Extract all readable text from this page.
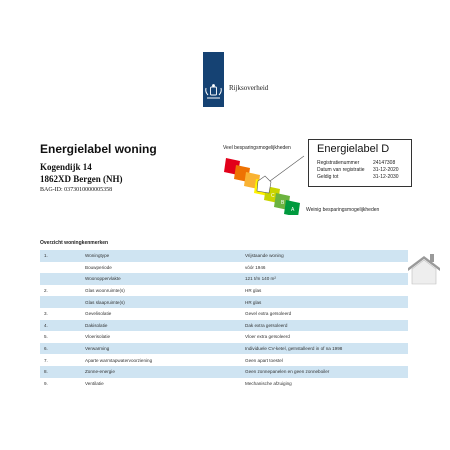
Rijksoverheid
Energielabel woning
Kogendijk 14
1862XD Bergen (NH)
BAG-ID: 0373010000005358
Veel besparingsmogelijkheden
Weinig besparingsmogelijkheden
C
B
A
Energielabel D
Registratienummer	24147308
Datum van registratie 31-12-2020
Geldig tot	31-12-2030
Overzicht woningkenmerken
1.	Woningtype	Vrijstaande woning
Bouwperiode	vóór 1946
Woonoppervlakte	121 t/m 140 m²
2.	Glas woonruimte(s)	HR glas
Glas slaapruimte(s)	HR glas
3.	Gevelisolatie	Gevel extra geïsoleerd
4.	Dakisolatie	Dak extra geïsoleerd
5.	Vloerisolatie	Vloer extra geïsoleerd
6.	Verwarming	Individuele CV-ketel, geïnstalleerd in of na 1998
7.	Aparte warmtapwatervoorziening	Geen apart toestel
8.	Zonne-energie	Geen zonnepanelen en geen zonneboiler
9.	Ventilatie	Mechanische afzuiging
